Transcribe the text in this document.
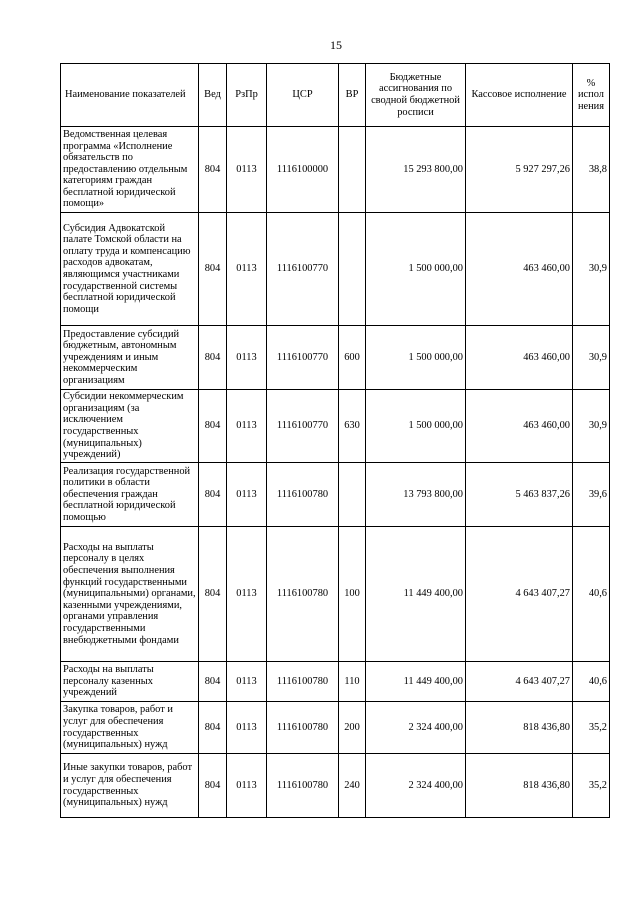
15
Наименование показателей	Вед	РзПр	ЦСР	ВР	Бюджетные ассигнования по сводной бюджетной росписи	Кассовое исполнение	% испол нения
Ведомственная целевая программа «Исполнение обязательств по предоставлению отдельным категориям граждан бесплатной юридической помощи»	804	0113	1116100000		15 293 800,00	5 927 297,26	38,8
Субсидия Адвокатской палате Томской области на оплату труда и компенсацию расходов адвокатам, являющимся участниками государственной системы бесплатной юридической помощи	804	0113	1116100770		1 500 000,00	463 460,00	30,9
Предоставление субсидий бюджетным, автономным учреждениям и иным некоммерческим организациям	804	0113	1116100770	600	1 500 000,00	463 460,00	30,9
Субсидии некоммерческим организациям (за исключением государственных (муниципальных) учреждений)	804	0113	1116100770	630	1 500 000,00	463 460,00	30,9
Реализация государственной политики в области обеспечения граждан бесплатной юридической помощью	804	0113	1116100780		13 793 800,00	5 463 837,26	39,6
Расходы на выплаты персоналу в целях обеспечения выполнения функций государственными (муниципальными) органами, казенными учреждениями, органами управления государственными внебюджетными фондами	804	0113	1116100780	100	11 449 400,00	4 643 407,27	40,6
Расходы на выплаты персоналу казенных учреждений	804	0113	1116100780	110	11 449 400,00	4 643 407,27	40,6
Закупка товаров, работ и услуг для обеспечения государственных (муниципальных) нужд	804	0113	1116100780	200	2 324 400,00	818 436,80	35,2
Иные закупки товаров, работ и услуг для обеспечения государственных (муниципальных) нужд	804	0113	1116100780	240	2 324 400,00	818 436,80	35,2
